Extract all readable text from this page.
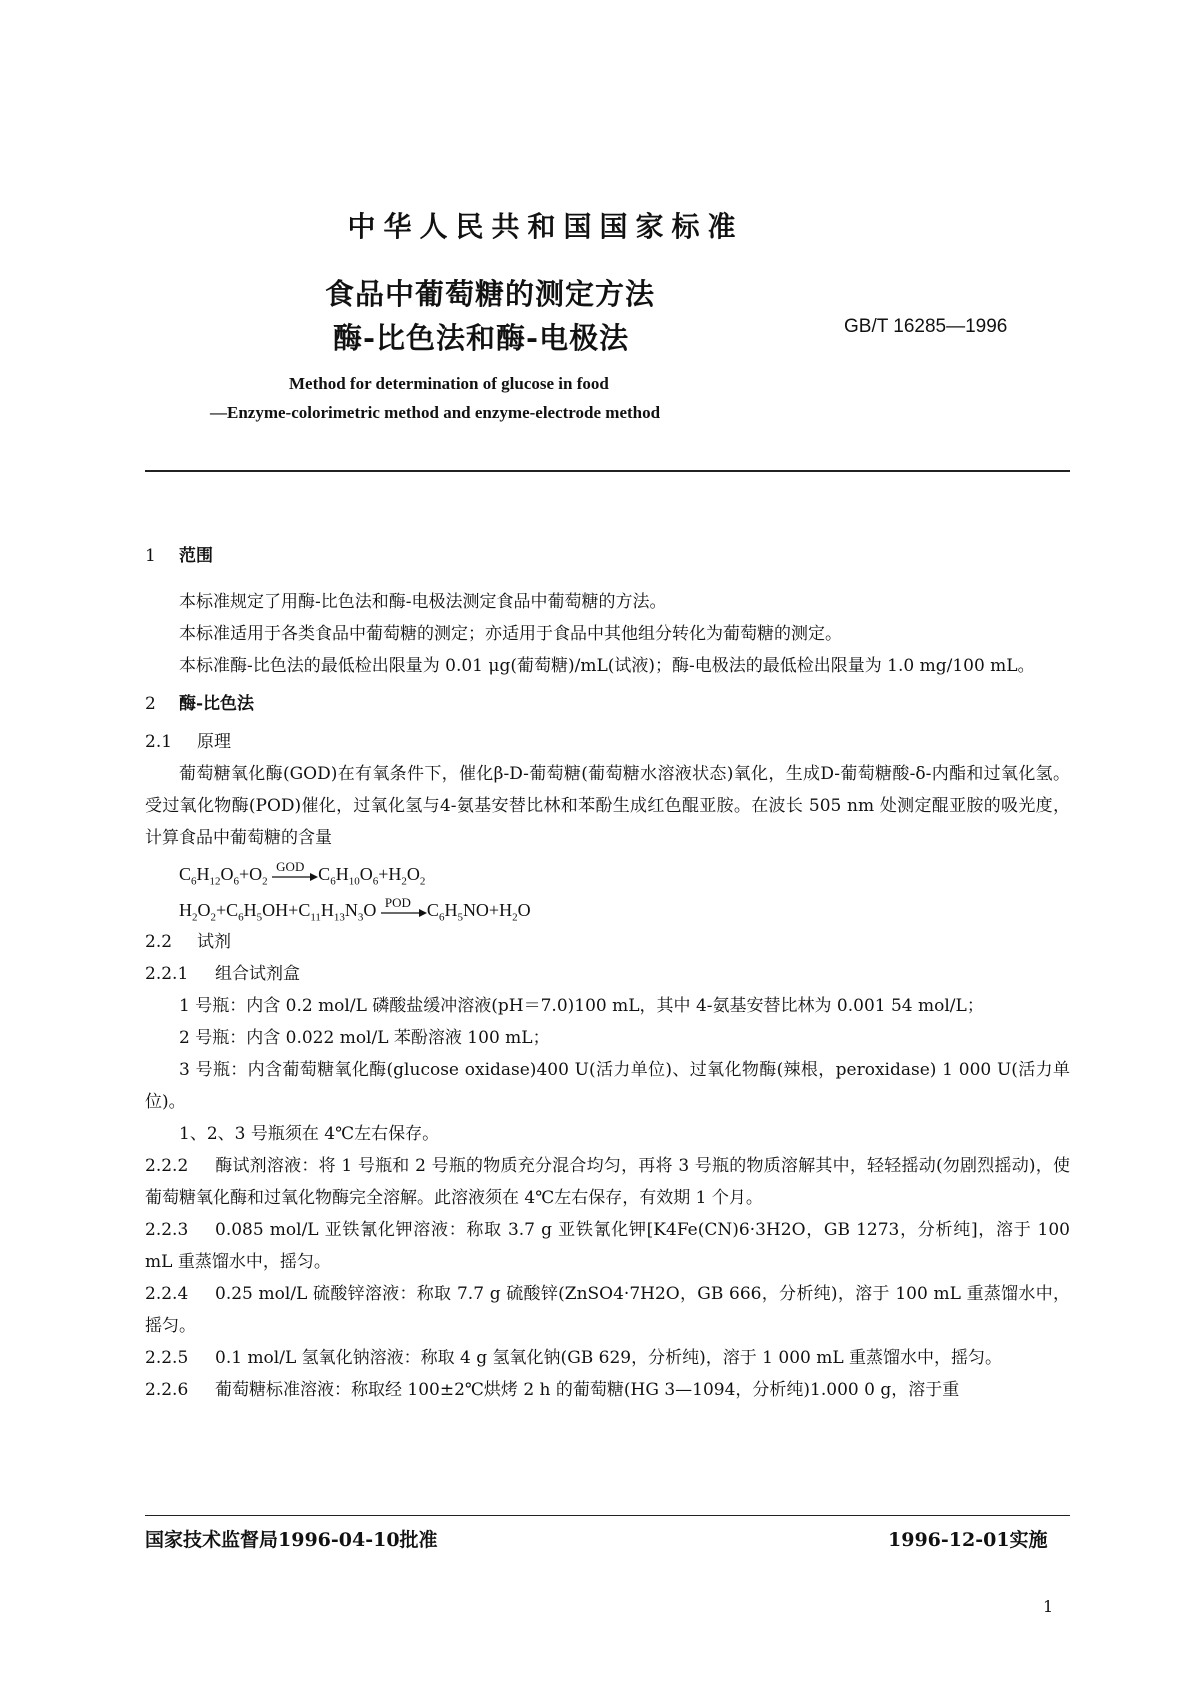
中华人民共和国国家标准
食品中葡萄糖的测定方法
酶-比色法和酶-电极法	GB/T 16285—1996
Method for determination of glucose in food
—Enzyme-colorimetric method and enzyme-electrode method

1 范围

本标准规定了用酶-比色法和酶-电极法测定食品中葡萄糖的方法。

本标准适用于各类食品中葡萄糖的测定；亦适用于食品中其他组分转化为葡萄糖的测定。

本标准酶-比色法的最低检出限量为 0.01 μg(葡萄糖)/mL(试液)；酶-电极法的最低检出限量为 1.0 mg/100 mL。

2 酶-比色法

2.1 原理

葡萄糖氧化酶(GOD)在有氧条件下，催化β-D-葡萄糖(葡萄糖水溶液状态)氧化，生成D-葡萄糖酸-δ-内酯和过氧化氢。受过氧化物酶(POD)催化，过氧化氢与4-氨基安替比林和苯酚生成红色醌亚胺。在波长 505 nm 处测定醌亚胺的吸光度，计算食品中葡萄糖的含量

$C_6H_{12}O_6+O_2$
GOD $C_6H_{10}O_6+H_2O_2$
$H_2O_2+C_6H_5OH+C_{11}H_{13}N_3O$ POD $C_6H_5NO+H_2O$

2.2 试剂

2.2.1 组合试剂盒

1 号瓶：内含 0.2 mol/L 磷酸盐缓冲溶液(pH＝7.0)100 mL，其中 4-氨基安替比林为 0.001 54 mol/L；

2 号瓶：内含 0.022 mol/L 苯酚溶液 100 mL；

3 号瓶：内含葡萄糖氧化酶(glucose oxidase)400 U(活力单位)、过氧化物酶(辣根，peroxidase) 1 000 U(活力单位)。

1、2、3 号瓶须在 4℃左右保存。

2.2.2 酶试剂溶液：将 1 号瓶和 2 号瓶的物质充分混合均匀，再将 3 号瓶的物质溶解其中，轻轻摇动(勿剧烈摇动)，使葡萄糖氧化酶和过氧化物酶完全溶解。此溶液须在 4℃左右保存，有效期 1 个月。

2.2.3 0.085 mol/L 亚铁氰化钾溶液：称取 3.7 g 亚铁氰化钾[K4Fe(CN)6·3H2O，GB 1273，分析纯]，溶于 100 mL 重蒸馏水中，摇匀。

2.2.4 0.25 mol/L 硫酸锌溶液：称取 7.7 g 硫酸锌(ZnSO4·7H2O，GB 666，分析纯)，溶于 100 mL 重蒸馏水中，摇匀。

2.2.5 0.1 mol/L 氢氧化钠溶液：称取 4 g 氢氧化钠(GB 629，分析纯)，溶于 1 000 mL 重蒸馏水中，摇匀。

2.2.6 葡萄糖标准溶液：称取经 100±2℃烘烤 2 h 的葡萄糖(HG 3—1094，分析纯)1.000 0 g，溶于重

国家技术监督局1996-04-10批准	1996-12-01实施
1
